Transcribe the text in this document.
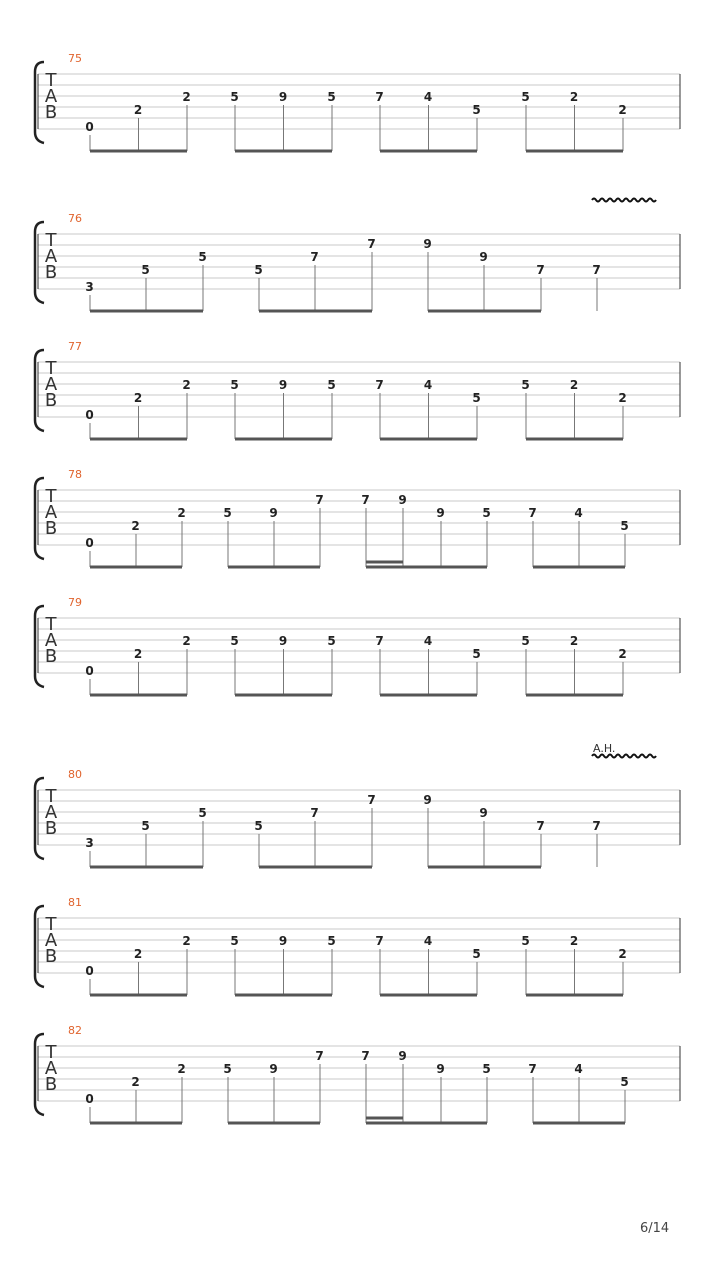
T
A
B
75
0
2
2	5	9	5	7	4
5
5	2
2
T
A
B
76
3
5
5
5
7
7	9
9
7	7
T
A
B
77
0
2
2	5	9	5	7	4
5
5	2
2
T
A
B
78
0
2
2	5	9
7	7 9
9	5	7	4
5
T
A
B
79
0
2
2	5	9	5	7	4
5
5	2
2
T
A
B
80
A.H.
3
5
5
5
7
7	9
9
7	7
T
A
B
81
0
2
2	5	9	5	7	4
5
5	2
2
T
A
B
82
0
2
2	5	9
7	7 9
9	5	7	4
5
6/14
